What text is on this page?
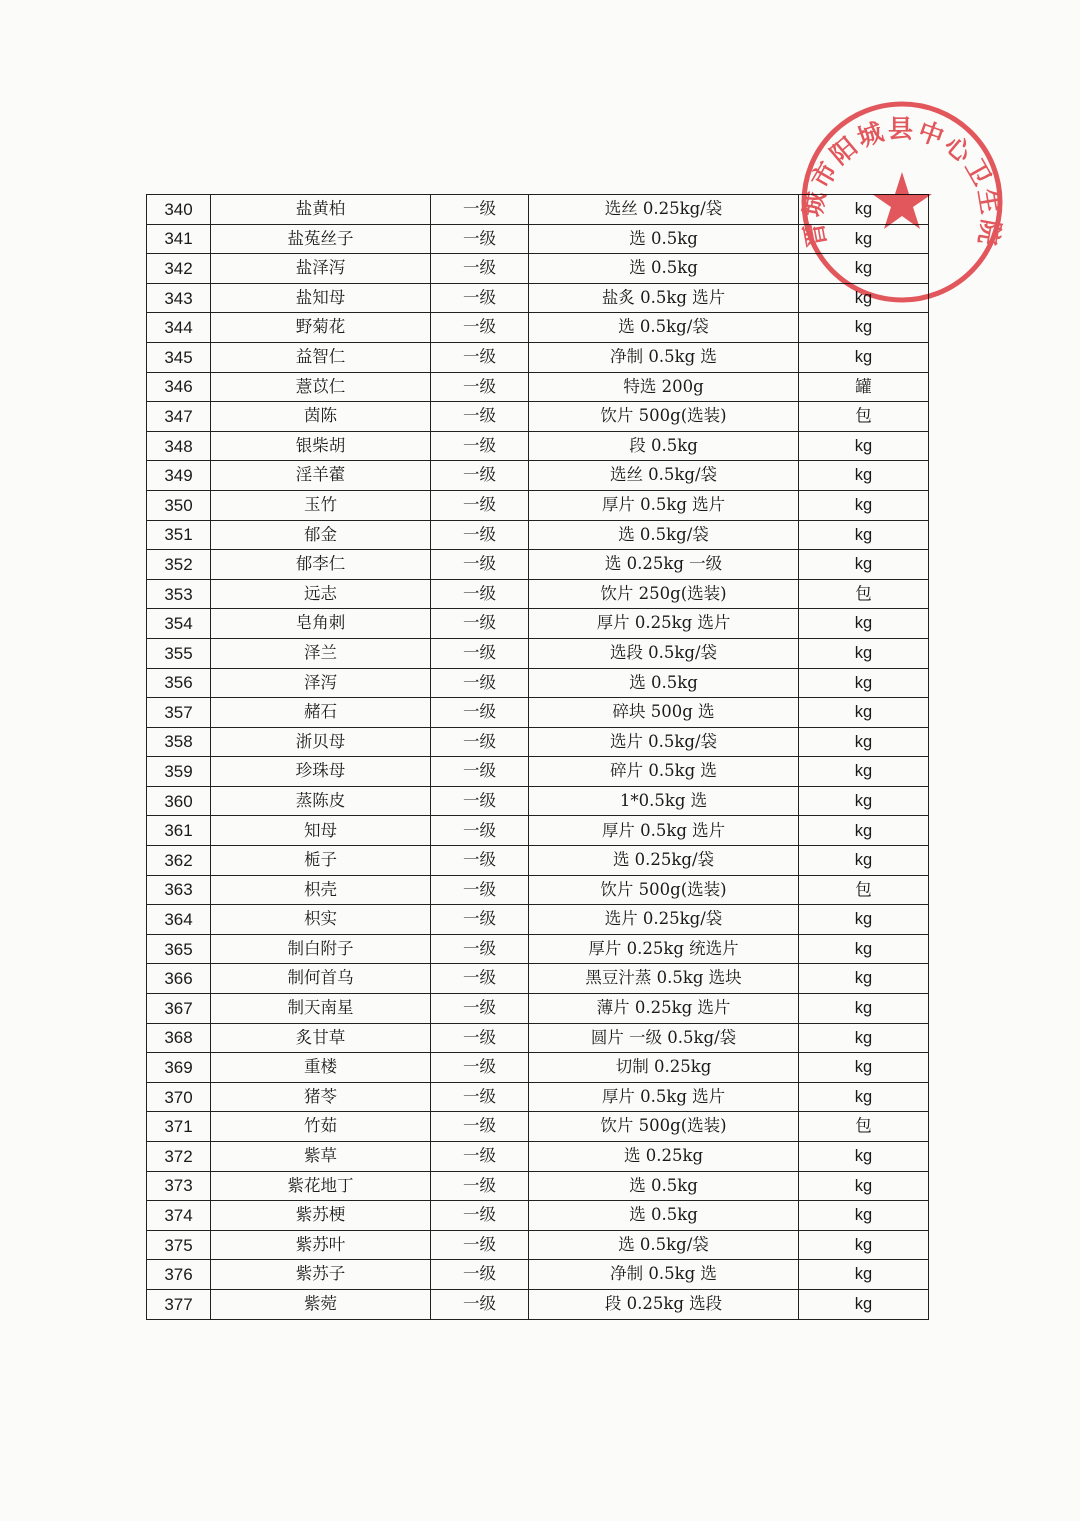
340	盐黄柏	一级	选丝 0.25kg/袋	kg
341	盐菟丝子	一级	选 0.5kg	kg
342	盐泽泻	一级	选 0.5kg	kg
343	盐知母	一级	盐炙 0.5kg 选片	kg
344	野菊花	一级	选 0.5kg/袋	kg
345	益智仁	一级	净制 0.5kg 选	kg
346	薏苡仁	一级	特选 200g	罐
347	茵陈	一级	饮片 500g(选装)	包
348	银柴胡	一级	段 0.5kg	kg
349	淫羊藿	一级	选丝 0.5kg/袋	kg
350	玉竹	一级	厚片 0.5kg 选片	kg
351	郁金	一级	选 0.5kg/袋	kg
352	郁李仁	一级	选 0.25kg 一级	kg
353	远志	一级	饮片 250g(选装)	包
354	皂角刺	一级	厚片 0.25kg 选片	kg
355	泽兰	一级	选段 0.5kg/袋	kg
356	泽泻	一级	选 0.5kg	kg
357	赭石	一级	碎块 500g 选	kg
358	浙贝母	一级	选片 0.5kg/袋	kg
359	珍珠母	一级	碎片 0.5kg 选	kg
360	蒸陈皮	一级	1*0.5kg 选	kg
361	知母	一级	厚片 0.5kg 选片	kg
362	栀子	一级	选 0.25kg/袋	kg
363	枳壳	一级	饮片 500g(选装)	包
364	枳实	一级	选片 0.25kg/袋	kg
365	制白附子	一级	厚片 0.25kg 统选片	kg
366	制何首乌	一级	黑豆汁蒸 0.5kg 选块	kg
367	制天南星	一级	薄片 0.25kg 选片	kg
368	炙甘草	一级	圆片 一级 0.5kg/袋	kg
369	重楼	一级	切制 0.25kg	kg
370	猪苓	一级	厚片 0.5kg 选片	kg
371	竹茹	一级	饮片 500g(选装)	包
372	紫草	一级	选 0.25kg	kg
373	紫花地丁	一级	选 0.5kg	kg
374	紫苏梗	一级	选 0.5kg	kg
375	紫苏叶	一级	选 0.5kg/袋	kg
376	紫苏子	一级	净制 0.5kg 选	kg
377	紫菀	一级	段 0.25kg 选段	kg
晋城市阳城县中心卫生院
